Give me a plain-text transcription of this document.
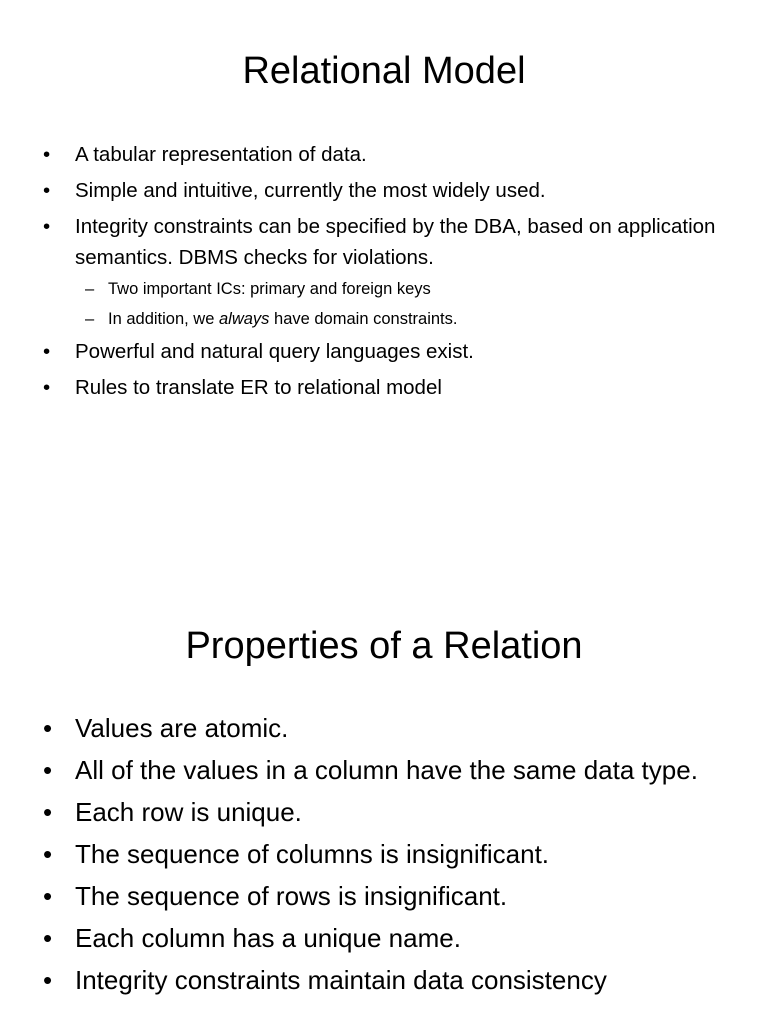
Relational Model
• A tabular representation of data.
• Simple and intuitive, currently the most widely used.
• Integrity constraints can be specified by the DBA, based on application semantics. DBMS checks for violations.
– Two important ICs: primary and foreign keys
– In addition, we always have domain constraints.
• Powerful and natural query languages exist.
• Rules to translate ER to relational model
Properties of a Relation
• Values are atomic.
• All of the values in a column have the same data type.
• Each row is unique.
• The sequence of columns is insignificant.
• The sequence of rows is insignificant.
• Each column has a unique name.
• Integrity constraints maintain data consistency
